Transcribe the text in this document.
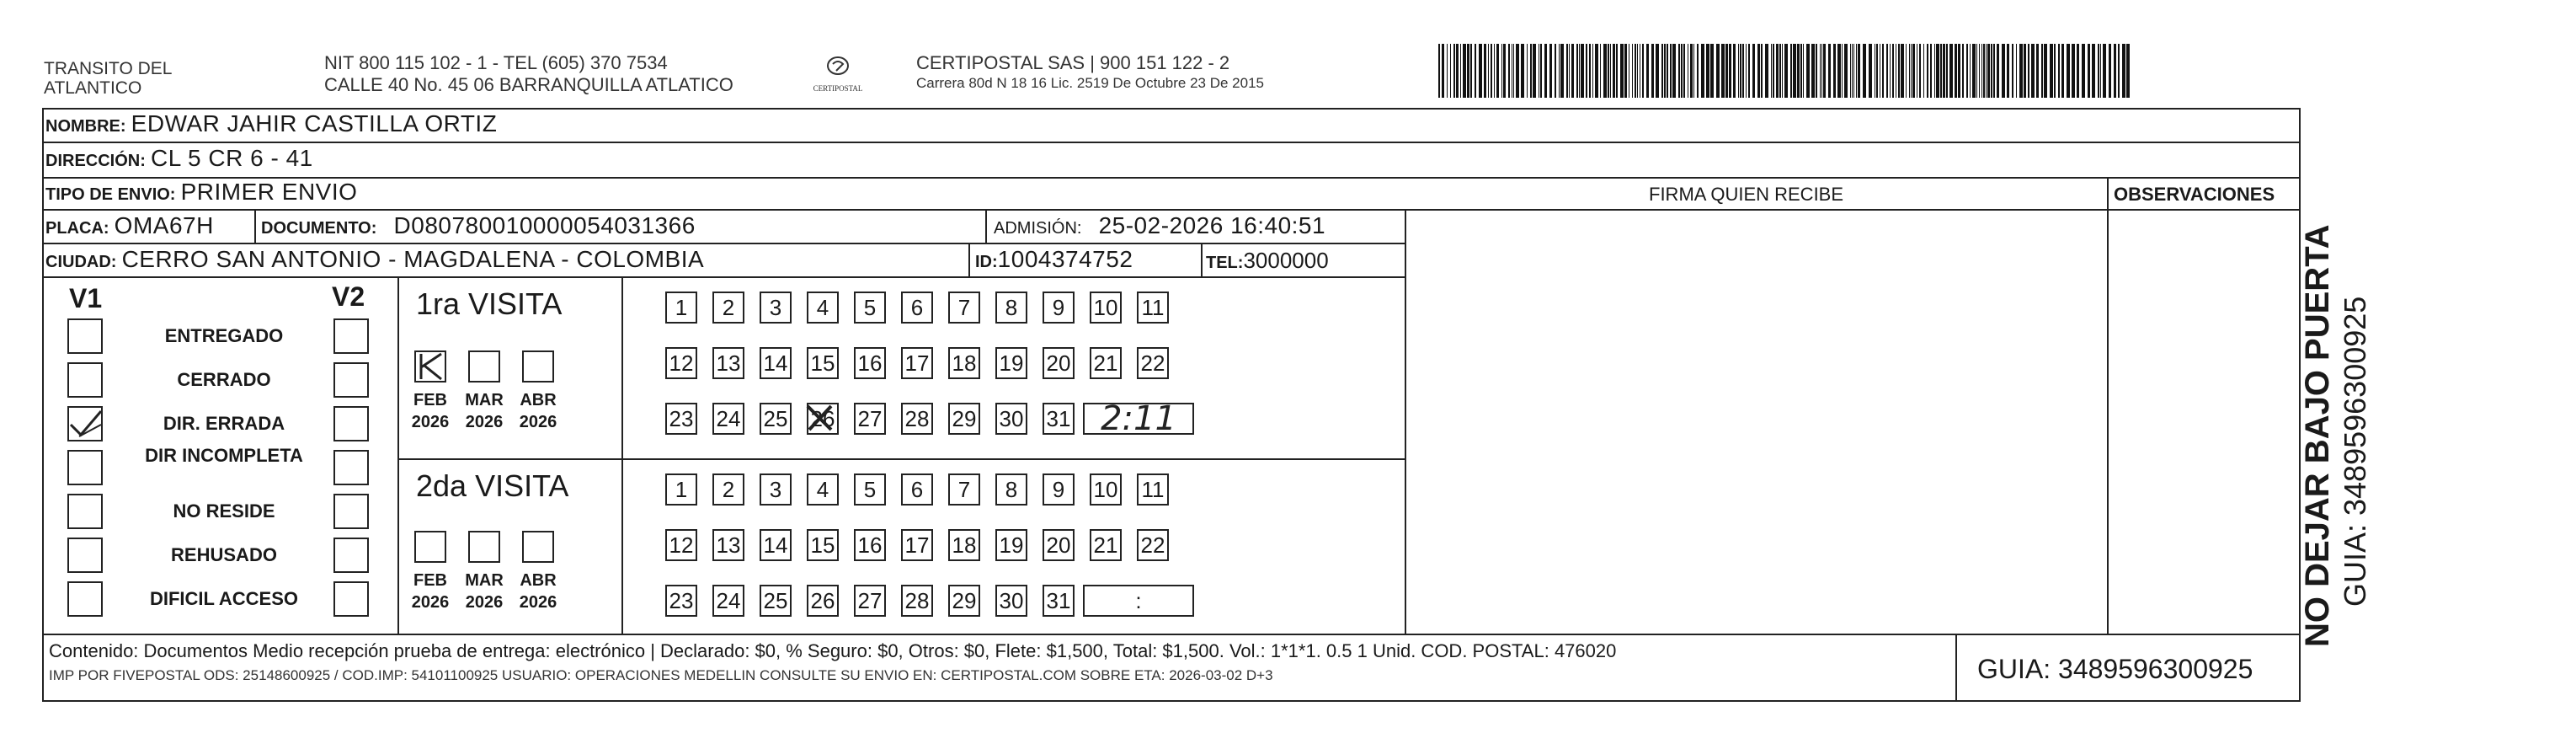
TRANSITO DEL
ATLANTICO
NIT 800 115 102 - 1 - TEL (605) 370 7534
CALLE 40 No. 45 06 BARRANQUILLA ATLATICO	CERTIPOSTAL
CERTIPOSTAL SAS | 900 151 122 - 2
Carrera 80d N 18 16 Lic. 2519 De Octubre 23 De 2015
NOMBRE: EDWAR JAHIR CASTILLA ORTIZ
DIRECCIÓN: CL 5 CR 6 - 41
TIPO DE ENVIO: PRIMER ENVIO	FIRMA QUIEN RECIBE	OBSERVACIONES
PLACA: OMA67H	DOCUMENTO: D080780010000054031366	ADMISIÓN: 25-02-2026 16:40:51
CIUDAD: CERRO SAN ANTONIO - MAGDALENA - COLOMBIA	ID:1004374752	TEL:3000000
V1	V2
ENTREGADO
CERRADO
DIR. ERRADA
DIR INCOMPLETA
NO RESIDE
REHUSADO
DIFICIL ACCESO
1ra VISITA
2da VISITA
FEB
2026
MAR
2026
ABR
2026
FEB
2026
MAR
2026
ABR
2026
1	2	3	4	5	6	7	8	9	10 11
12 13 14 15 16 17 18 19 20 21 22
23 24 25 26 27 28 29 30 31 2:11
1	2	3	4	5	6	7	8	9	10 11
12 13 14 15 16 17 18 19 20 21 22
23 24 25 26 27 28 29 30 31	:
Contenido: Documentos Medio recepción prueba de entrega: electrónico | Declarado: $0, % Seguro: $0, Otros: $0, Flete: $1,500, Total: $1,500. Vol.: 1*1*1. 0.5 1 Unid. COD. POSTAL: 476020
IMP POR FIVEPOSTAL ODS: 25148600925 / COD.IMP: 54101100925 USUARIO: OPERACIONES MEDELLIN CONSULTE SU ENVIO EN: CERTIPOSTAL.COM SOBRE ETA: 2026-03-02 D+3	GUIA: 3489596300925
NO DEJAR BAJO PUERTA GUIA: 3489596300925
